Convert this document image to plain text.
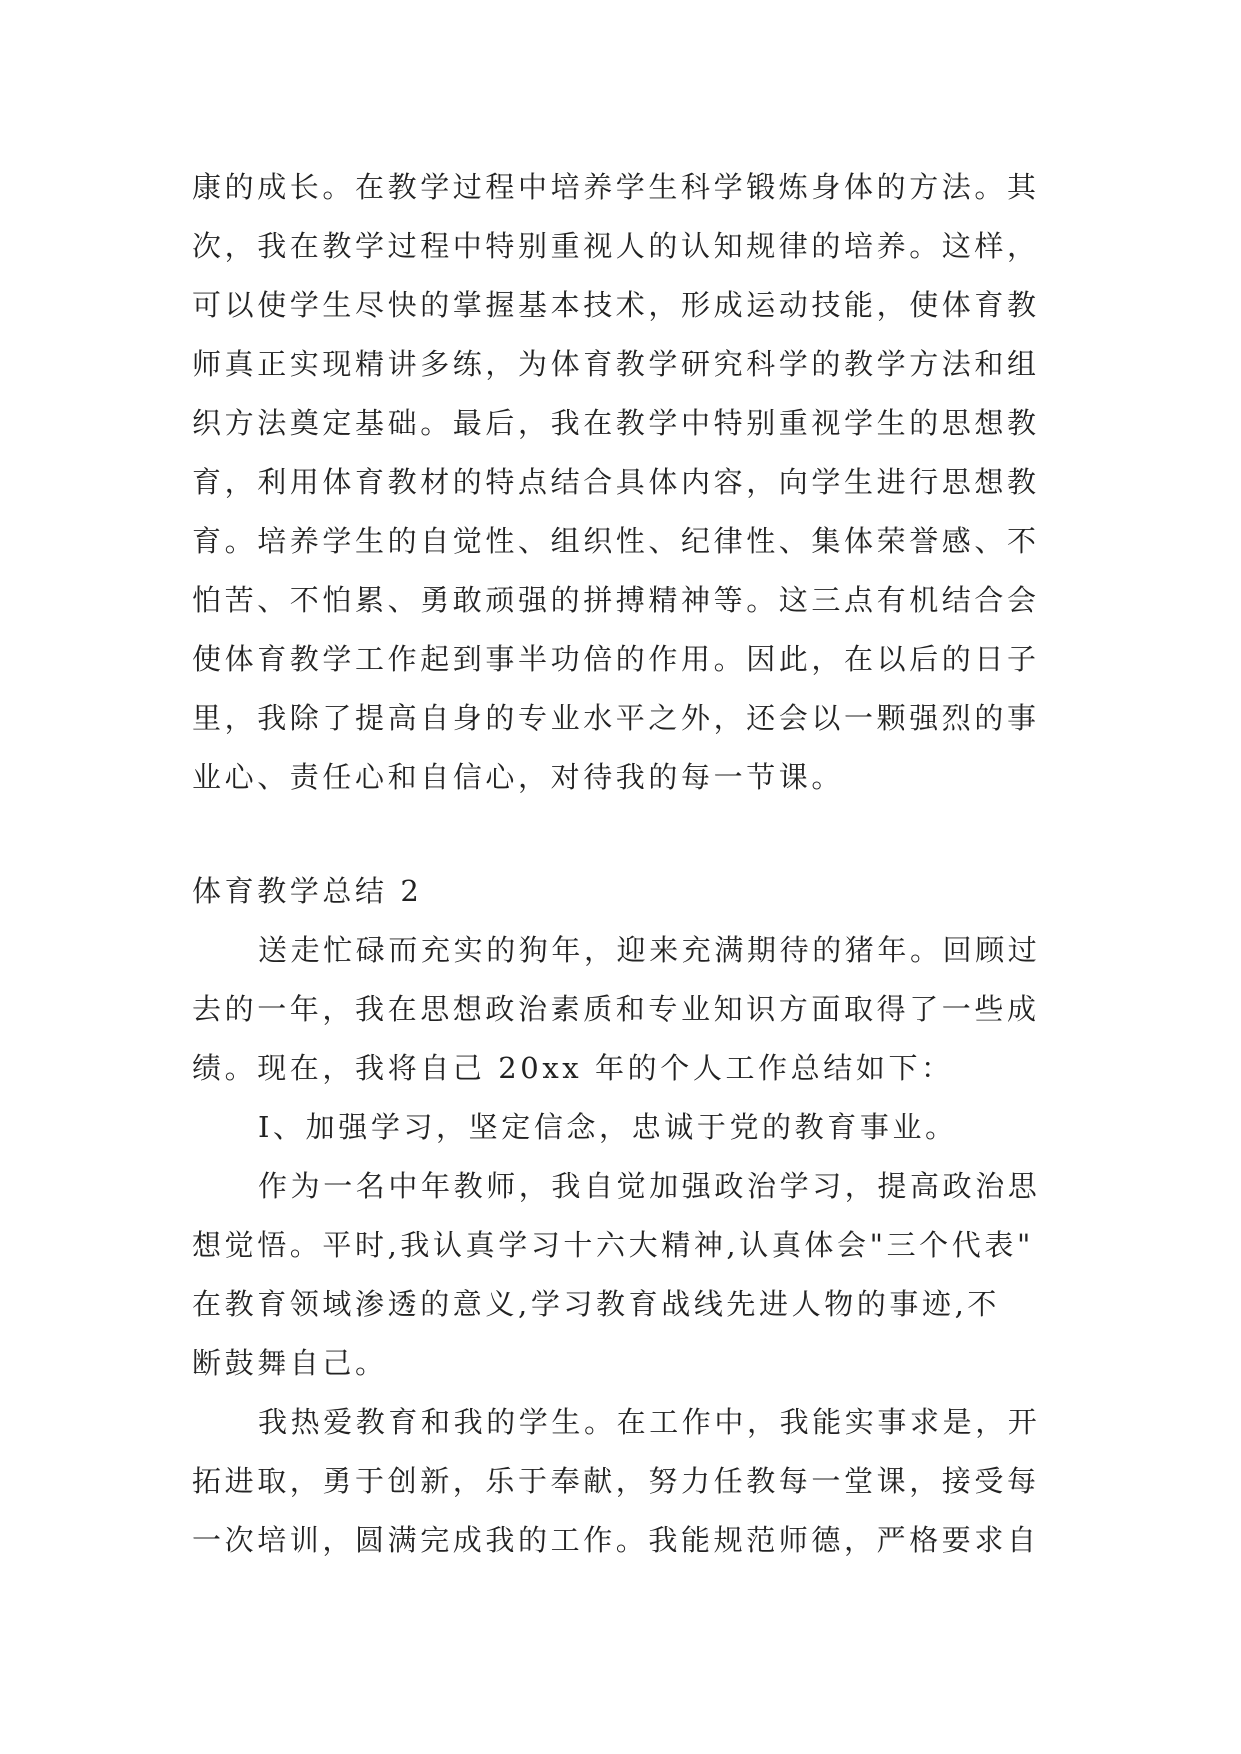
康的成长。在教学过程中培养学生科学锻炼身体的方法。其
次，我在教学过程中特别重视人的认知规律的培养。这样，
可以使学生尽快的掌握基本技术，形成运动技能，使体育教
师真正实现精讲多练，为体育教学研究科学的教学方法和组
织方法奠定基础。最后，我在教学中特别重视学生的思想教
育，利用体育教材的特点结合具体内容，向学生进行思想教
育。培养学生的自觉性、组织性、纪律性、集体荣誉感、不
怕苦、不怕累、勇敢顽强的拼搏精神等。这三点有机结合会
使体育教学工作起到事半功倍的作用。因此，在以后的日子
里，我除了提高自身的专业水平之外，还会以一颗强烈的事
业心、责任心和自信心，对待我的每一节课。
体育教学总结 2
送走忙碌而充实的狗年，迎来充满期待的猪年。回顾过
去的一年，我在思想政治素质和专业知识方面取得了一些成
绩。现在，我将自己 20xx 年的个人工作总结如下：
I、加强学习，坚定信念，忠诚于党的教育事业。
作为一名中年教师，我自觉加强政治学习，提高政治思
想觉悟。平时,我认真学习十六大精神,认真体会"三个代表"
在教育领域渗透的意义,学习教育战线先进人物的事迹,不
断鼓舞自己。
我热爱教育和我的学生。在工作中，我能实事求是，开
拓进取，勇于创新，乐于奉献，努力任教每一堂课，接受每
一次培训，圆满完成我的工作。我能规范师德，严格要求自
